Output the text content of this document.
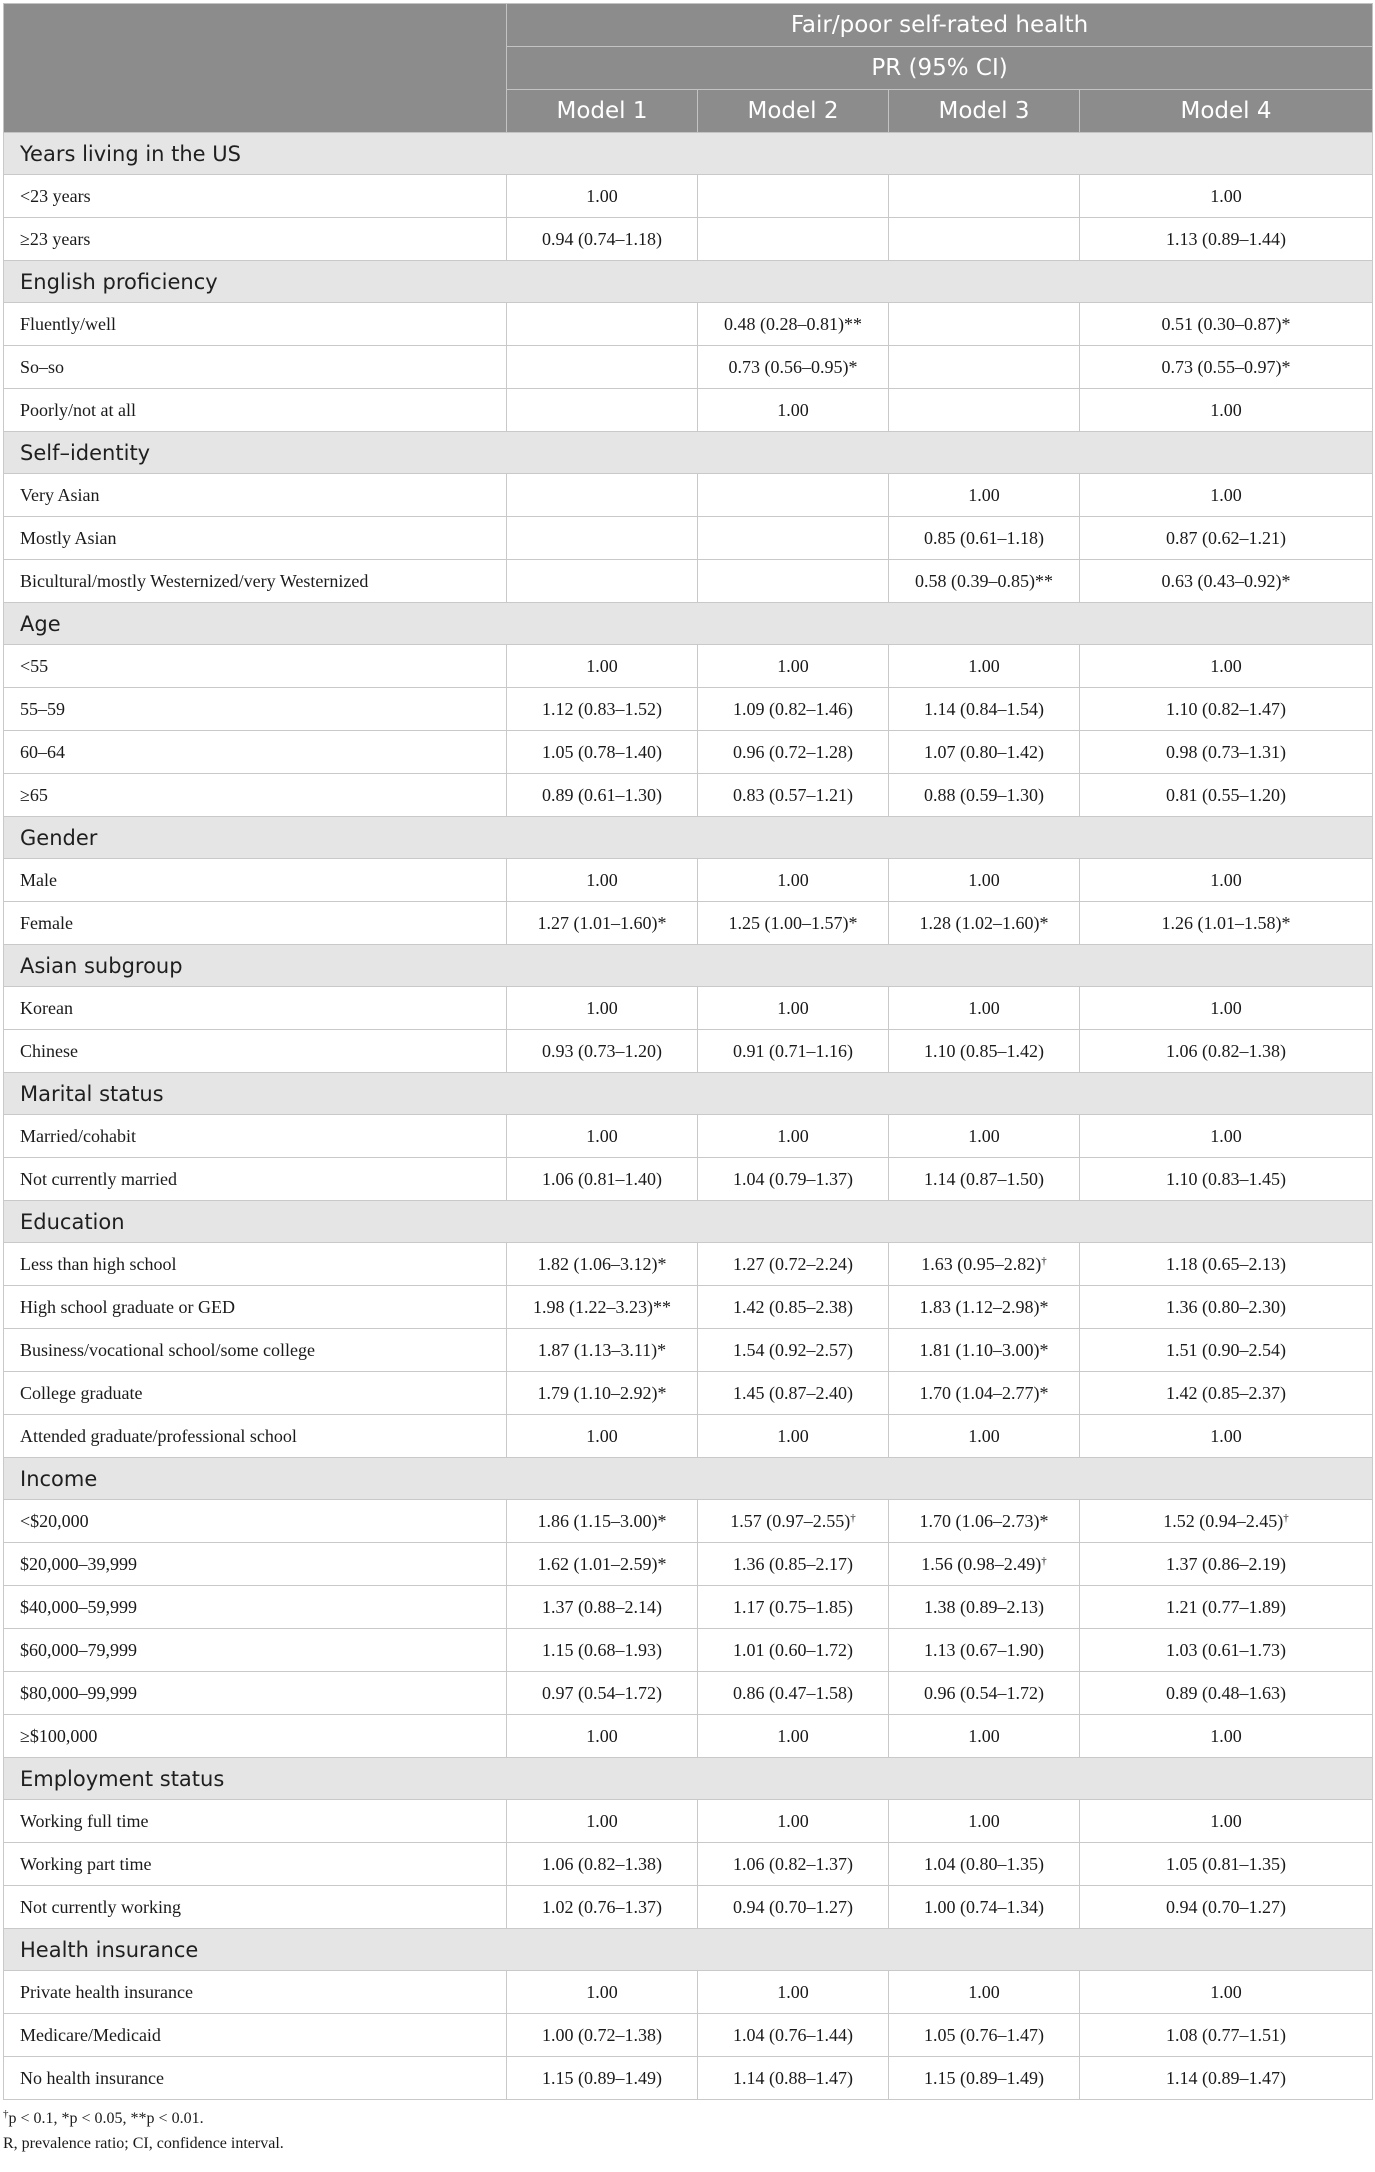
	Fair/poor self-rated health			
	PR (95% CI)			
	Model 1	Model 2	Model 3	Model 4
Years living in the US				
<23 years	1.00			1.00
≥23 years	0.94 (0.74–1.18)			1.13 (0.89–1.44)
English proficiency				
Fluently/well		0.48 (0.28–0.81)**		0.51 (0.30–0.87)*
So–so		0.73 (0.56–0.95)*		0.73 (0.55–0.97)*
Poorly/not at all		1.00		1.00
Self–identity				
Very Asian			1.00	1.00
Mostly Asian			0.85 (0.61–1.18)	0.87 (0.62–1.21)
Bicultural/mostly Westernized/very Westernized			0.58 (0.39–0.85)**	0.63 (0.43–0.92)*
Age				
<55	1.00	1.00	1.00	1.00
55–59	1.12 (0.83–1.52)	1.09 (0.82–1.46)	1.14 (0.84–1.54)	1.10 (0.82–1.47)
60–64	1.05 (0.78–1.40)	0.96 (0.72–1.28)	1.07 (0.80–1.42)	0.98 (0.73–1.31)
≥65	0.89 (0.61–1.30)	0.83 (0.57–1.21)	0.88 (0.59–1.30)	0.81 (0.55–1.20)
Gender				
Male	1.00	1.00	1.00	1.00
Female	1.27 (1.01–1.60)*	1.25 (1.00–1.57)*	1.28 (1.02–1.60)*	1.26 (1.01–1.58)*
Asian subgroup				
Korean	1.00	1.00	1.00	1.00
Chinese	0.93 (0.73–1.20)	0.91 (0.71–1.16)	1.10 (0.85–1.42)	1.06 (0.82–1.38)
Marital status				
Married/cohabit	1.00	1.00	1.00	1.00
Not currently married	1.06 (0.81–1.40)	1.04 (0.79–1.37)	1.14 (0.87–1.50)	1.10 (0.83–1.45)
Education				
Less than high school	1.82 (1.06–3.12)*	1.27 (0.72–2.24)	1.63 (0.95–2.82)†	1.18 (0.65–2.13)
High school graduate or GED	1.98 (1.22–3.23)**	1.42 (0.85–2.38)	1.83 (1.12–2.98)*	1.36 (0.80–2.30)
Business/vocational school/some college	1.87 (1.13–3.11)*	1.54 (0.92–2.57)	1.81 (1.10–3.00)*	1.51 (0.90–2.54)
College graduate	1.79 (1.10–2.92)*	1.45 (0.87–2.40)	1.70 (1.04–2.77)*	1.42 (0.85–2.37)
Attended graduate/professional school	1.00	1.00	1.00	1.00
Income				
<$20,000	1.86 (1.15–3.00)*	1.57 (0.97–2.55)†	1.70 (1.06–2.73)*	1.52 (0.94–2.45)†
$20,000–39,999	1.62 (1.01–2.59)*	1.36 (0.85–2.17)	1.56 (0.98–2.49)†	1.37 (0.86–2.19)
$40,000–59,999	1.37 (0.88–2.14)	1.17 (0.75–1.85)	1.38 (0.89–2.13)	1.21 (0.77–1.89)
$60,000–79,999	1.15 (0.68–1.93)	1.01 (0.60–1.72)	1.13 (0.67–1.90)	1.03 (0.61–1.73)
$80,000–99,999	0.97 (0.54–1.72)	0.86 (0.47–1.58)	0.96 (0.54–1.72)	0.89 (0.48–1.63)
≥$100,000	1.00	1.00	1.00	1.00
Employment status				
Working full time	1.00	1.00	1.00	1.00
Working part time	1.06 (0.82–1.38)	1.06 (0.82–1.37)	1.04 (0.80–1.35)	1.05 (0.81–1.35)
Not currently working	1.02 (0.76–1.37)	0.94 (0.70–1.27)	1.00 (0.74–1.34)	0.94 (0.70–1.27)
Health insurance				
Private health insurance	1.00	1.00	1.00	1.00
Medicare/Medicaid	1.00 (0.72–1.38)	1.04 (0.76–1.44)	1.05 (0.76–1.47)	1.08 (0.77–1.51)
No health insurance	1.15 (0.89–1.49)	1.14 (0.88–1.47)	1.15 (0.89–1.49)	1.14 (0.89–1.47)
†p < 0.1, *p < 0.05, **p < 0.01.
R, prevalence ratio; CI, confidence interval.
